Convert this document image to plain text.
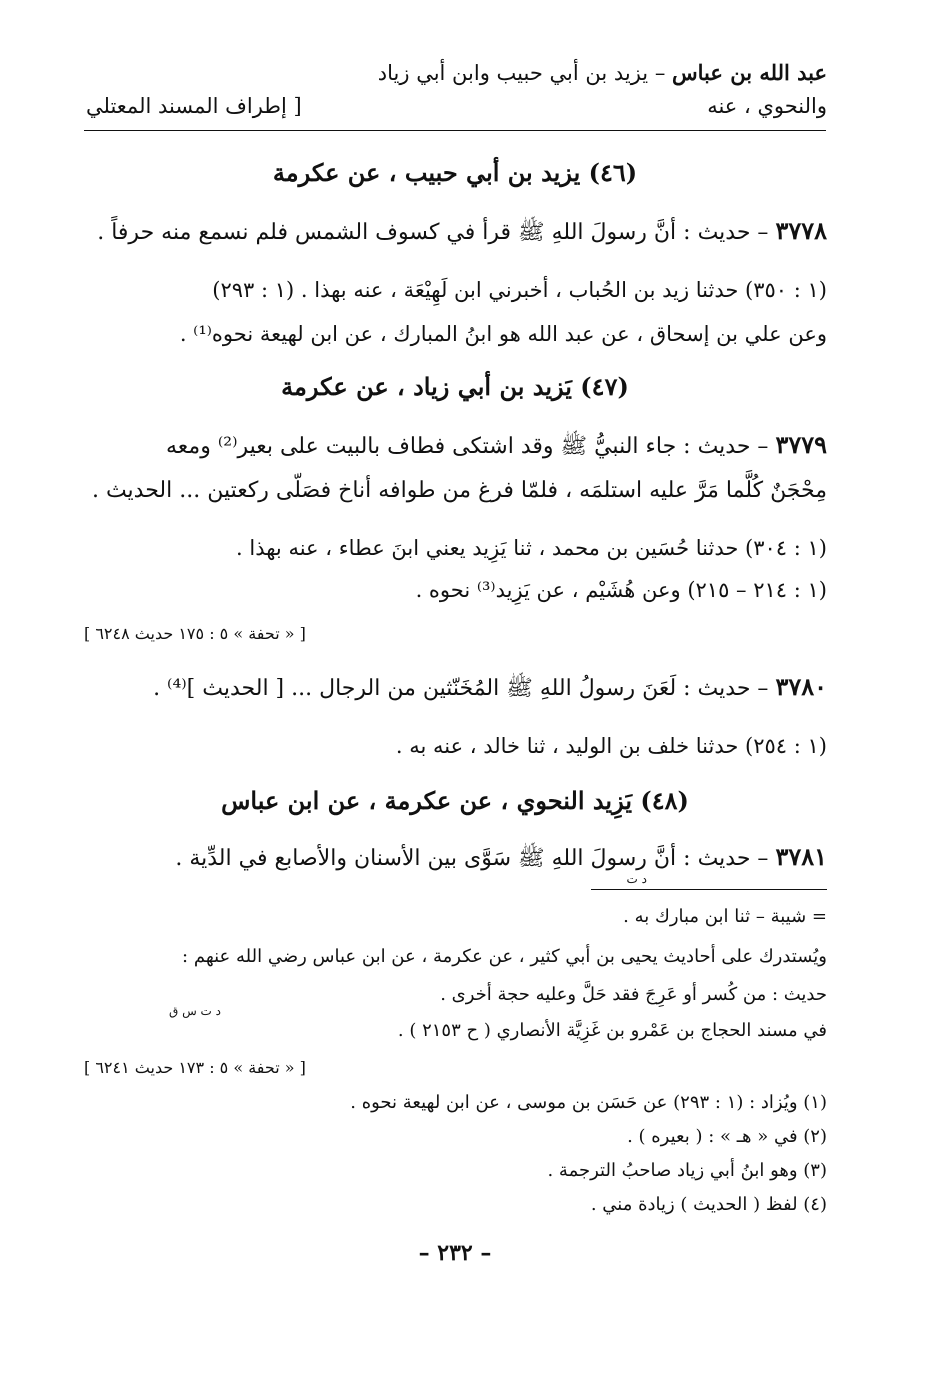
عبد الله بن عباس – يزيد بن أبي حبيب وابن أبي زياد
والنحوي ، عنه
[ إطراف المسند المعتلي
(٤٦) يزيد بن أبي حبيب ، عن عكرمة
٣٧٧٨ – حديث : أنَّ رسولَ اللهِ ﷺ قرأ في كسوف الشمس فلم نسمع منه حرفاً .
(١ : ٣٥٠) حدثنا زيد بن الحُباب ، أخبرني ابن لَهِيْعَة ، عنه بهذا . (١ : ٢٩٣)
وعن علي بن إسحاق ، عن عبد الله هو ابنُ المبارك ، عن ابن لهيعة نحوه⁽¹⁾ .
(٤٧) يَزيد بن أبي زياد ، عن عكرمة
٣٧٧٩ – حديث : جاء النبيُّ ﷺ وقد اشتكى فطاف بالبيت على بعير⁽²⁾ ومعه
مِحْجَنٌ كُلَّما مَرَّ عليه استلمَه ، فلمّا فرغ من طوافه أناخ فصَلّى ركعتين ... الحديث .
(١ : ٣٠٤) حدثنا حُسَين بن محمد ، ثنا يَزِيد يعني ابنَ عطاء ، عنه بهذا .
(١ : ٢١٤ – ٢١٥) وعن هُشَيْم ، عن يَزِيد⁽³⁾ نحوه .
[ « تحفة » ٥ : ١٧٥ حديث ٦٢٤٨ ]
٣٧٨٠ – حديث : لَعَنَ رسولُ اللهِ ﷺ المُخَنّثين من الرجال ... [ الحديث ]⁽⁴⁾ .
(١ : ٢٥٤) حدثنا خلف بن الوليد ، ثنا خالد ، عنه به .
(٤٨) يَزِيد النحوي ، عن عكرمة ، عن ابن عباس
٣٧٨١ – حديث : أنَّ رسولَ اللهِ ﷺ سَوَّى بين الأسنان والأصابع في الدِّية .
د ت
= شيبة – ثنا ابن مبارك به .
ويُستدرك على أحاديث يحيى بن أبي كثير ، عن عكرمة ، عن ابن عباس رضي الله عنهم :
حديث : من كُسر أو عَرِجَ فقد حَلَّ وعليه حجة أخرى .
د ت س ق
في مسند الحجاج بن عَمْرو بن غَزِيَّة الأنصاري ( ح ٢١٥٣ ) .
[ « تحفة » ٥ : ١٧٣ حديث ٦٢٤١ ]
(١) ويُزاد : (١ : ٢٩٣) عن حَسَن بن موسى ، عن ابن لهيعة نحوه .
(٢) في « هـ » : ( بعيره ) .
(٣) وهو ابنُ أبي زياد صاحبُ الترجمة .
(٤) لفظ ( الحديث ) زيادة مني .
– ٢٣٢ –
